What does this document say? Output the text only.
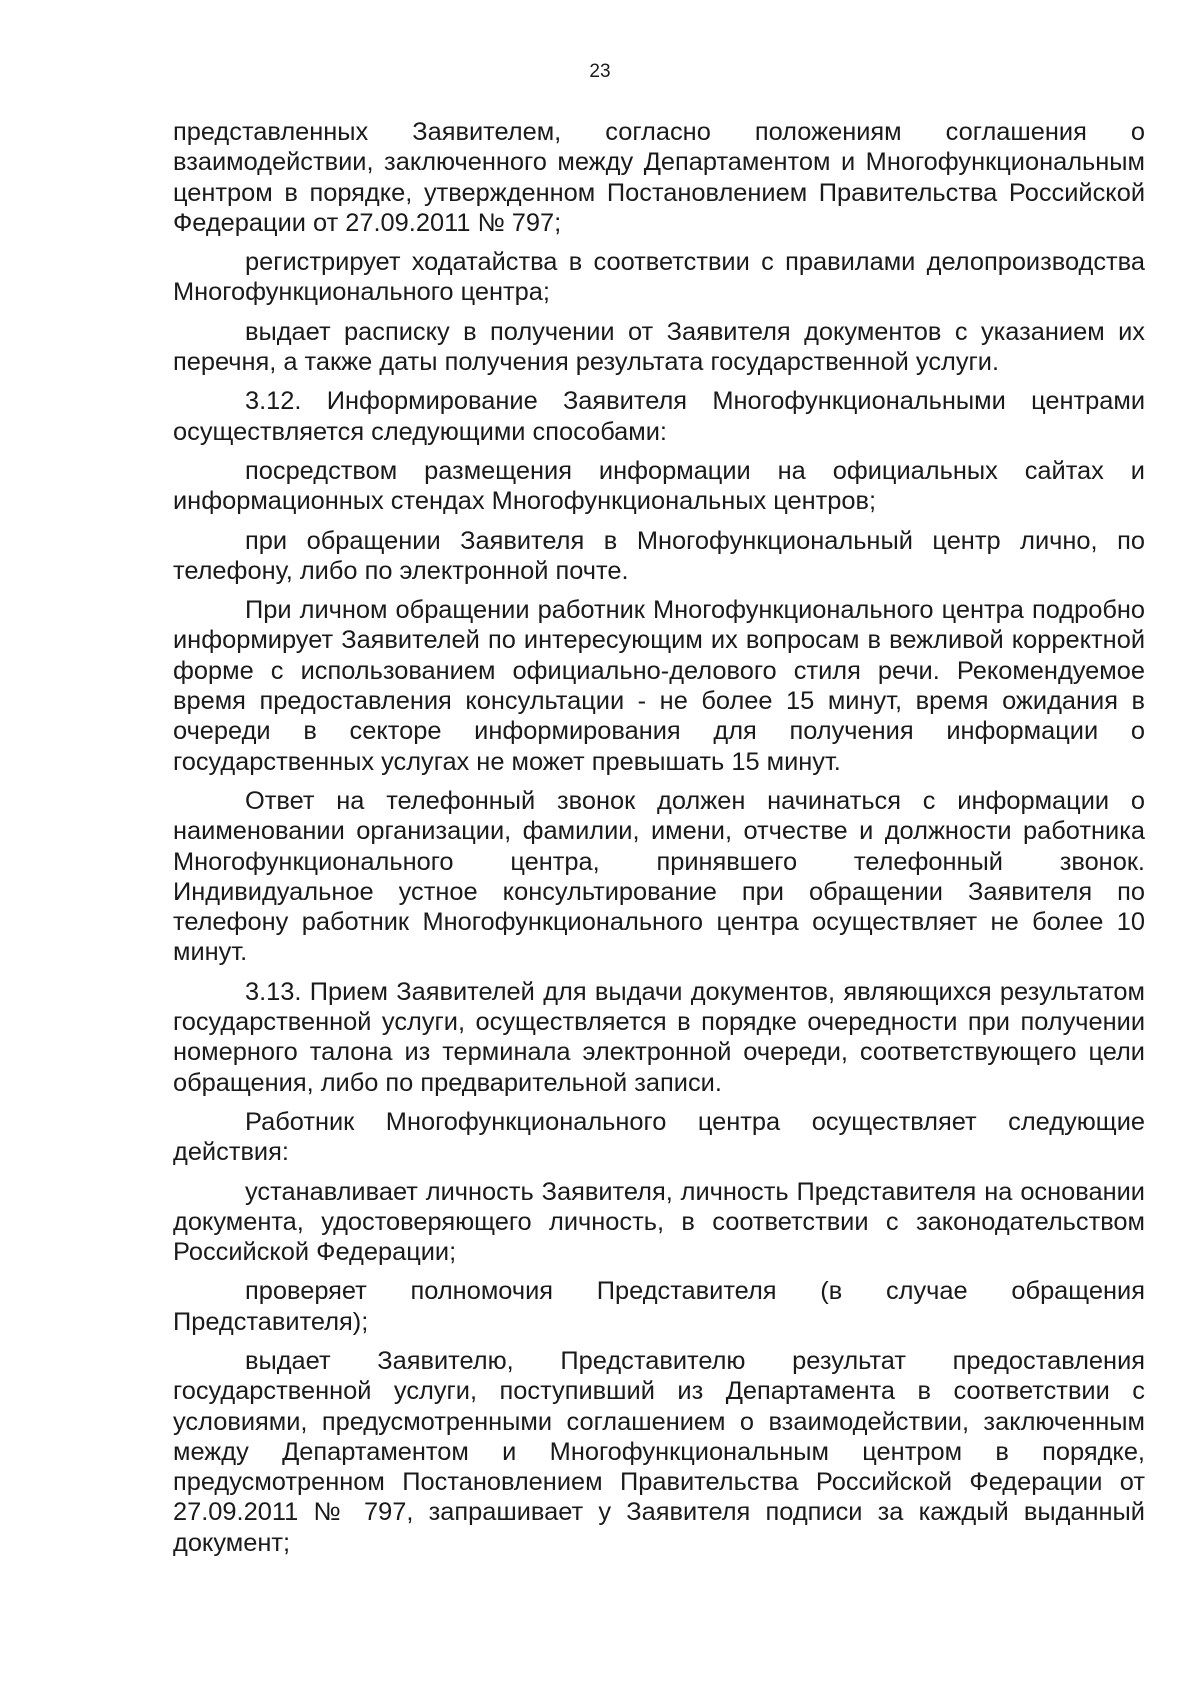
23

представленных Заявителем, согласно положениям соглашения о взаимодействии, заключенного между Департаментом и Многофункциональным центром в порядке, утвержденном Постановлением Правительства Российской Федерации от 27.09.2011 № 797;

регистрирует ходатайства в соответствии с правилами делопроизводства Многофункционального центра;

выдает расписку в получении от Заявителя документов с указанием их перечня, а также даты получения результата государственной услуги.

3.12. Информирование Заявителя Многофункциональными центрами осуществляется следующими способами:

посредством размещения информации на официальных сайтах и информационных стендах Многофункциональных центров;

при обращении Заявителя в Многофункциональный центр лично, по телефону, либо по электронной почте.

При личном обращении работник Многофункционального центра подробно информирует Заявителей по интересующим их вопросам в вежливой корректной форме с использованием официально-делового стиля речи. Рекомендуемое время предоставления консультации - не более 15 минут, время ожидания в очереди в секторе информирования для получения информации о государственных услугах не может превышать 15 минут.

Ответ на телефонный звонок должен начинаться с информации о наименовании организации, фамилии, имени, отчестве и должности работника Многофункционального центра, принявшего телефонный звонок. Индивидуальное устное консультирование при обращении Заявителя по телефону работник Многофункционального центра осуществляет не более 10 минут.

3.13. Прием Заявителей для выдачи документов, являющихся результатом государственной услуги, осуществляется в порядке очередности при получении номерного талона из терминала электронной очереди, соответствующего цели обращения, либо по предварительной записи.

Работник Многофункционального центра осуществляет следующие действия:

устанавливает личность Заявителя, личность Представителя на основании документа, удостоверяющего личность, в соответствии с законодательством Российской Федерации;

проверяет полномочия Представителя (в случае обращения Представителя);

выдает Заявителю, Представителю результат предоставления государственной услуги, поступивший из Департамента в соответствии с условиями, предусмотренными соглашением о взаимодействии, заключенным между Департаментом и Многофункциональным центром в порядке, предусмотренном Постановлением Правительства Российской Федерации от 27.09.2011 № 797, запрашивает у Заявителя подписи за каждый выданный документ;
